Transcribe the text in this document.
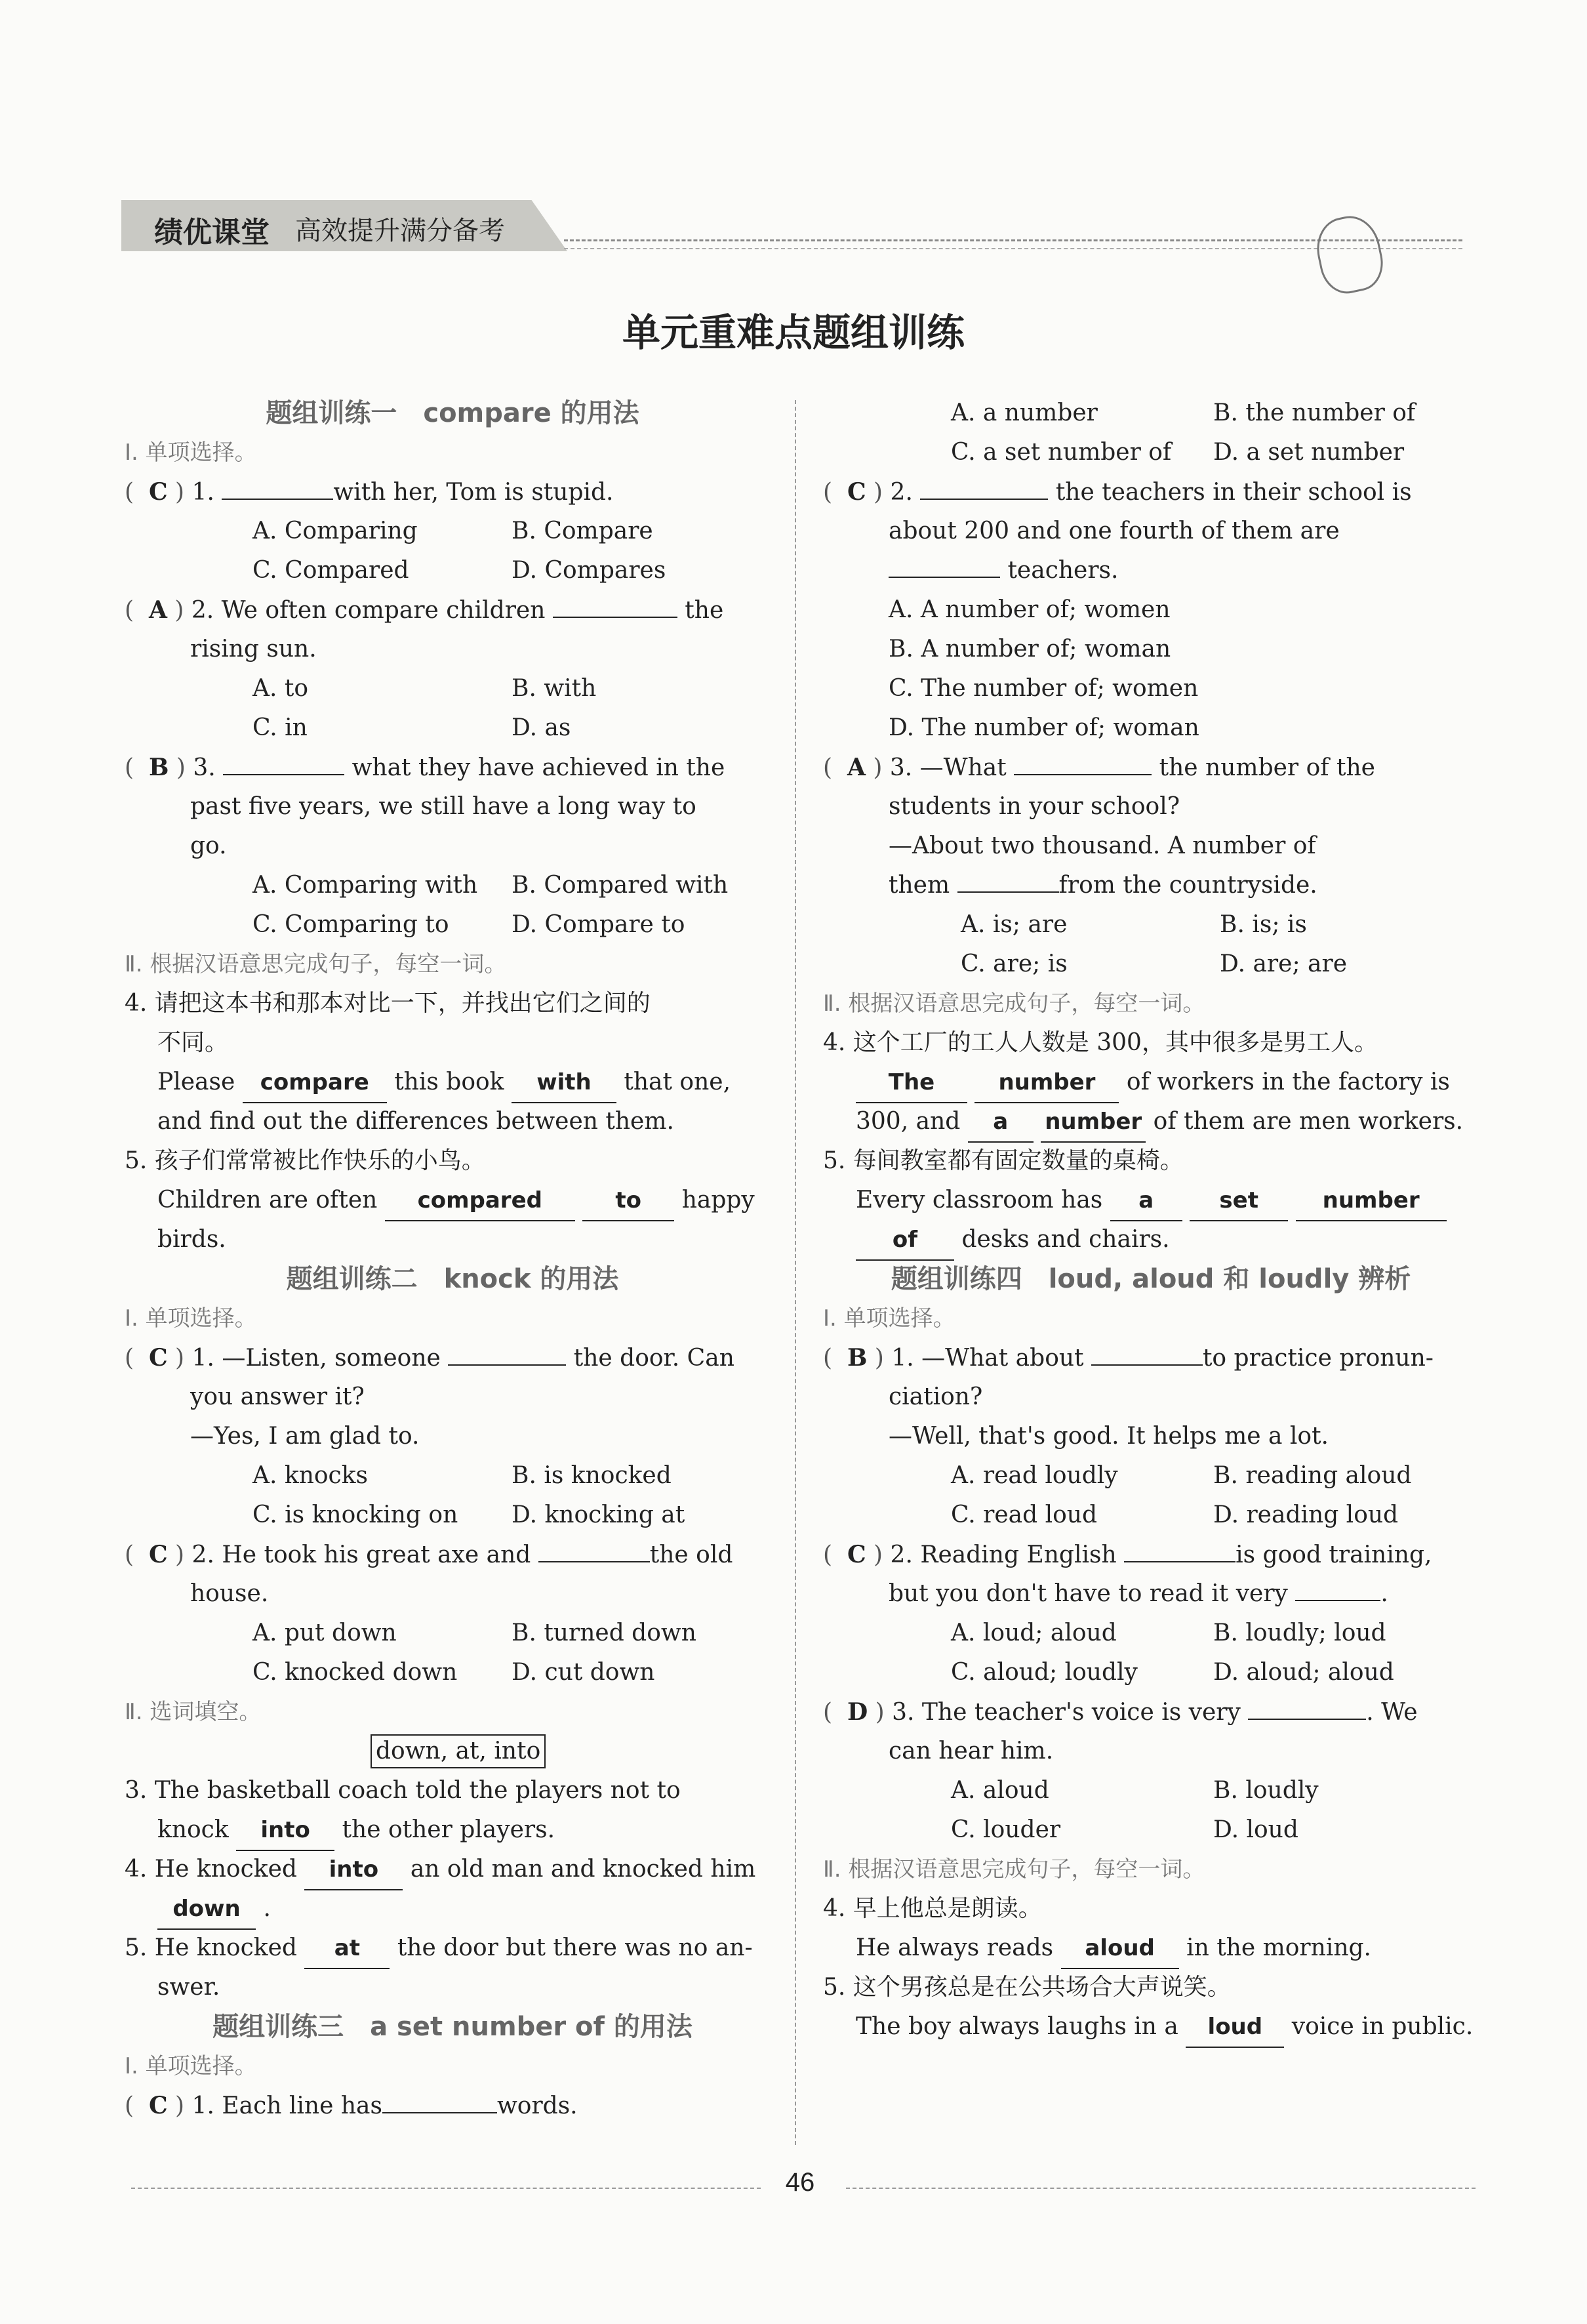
绩优课堂 高效提升满分备考
单元重难点题组训练
题组训练一　compare 的用法
Ⅰ. 单项选择。
( C ) 1.	with her, Tom is stupid.
A. Comparing	B. Compare
C. Compared	D. Compares
( A ) 2. We often compare children	the
rising sun.
A. to	B. with
C. in	D. as
( B ) 3.	what they have achieved in the
past five years, we still have a long way to
go.
A. Comparing with B. Compared with
C. Comparing to	D. Compare to
Ⅱ. 根据汉语意思完成句子，每空一词。
4. 请把这本书和那本对比一下，并找出它们之间的
不同。
Please compare this book with that one,
and find out the differences between them.
5. 孩子们常常被比作快乐的小鸟。
Children are often compared	to happy
birds.
题组训练二　knock 的用法
Ⅰ. 单项选择。
( C ) 1. —Listen, someone	the door. Can
you answer it?
—Yes, I am glad to.
A. knocks	B. is knocked
C. is knocking on D. knocking at
( C ) 2. He took his great axe and	the old
house.
A. put down	B. turned down
C. knocked down D. cut down
Ⅱ. 选词填空。
down, at, into
3. The basketball coach told the players not to
knock into the other players.
4. He knocked into an old man and knocked him
down .
5. He knocked at the door but there was no an-
swer.
题组训练三　a set number of 的用法
Ⅰ. 单项选择。
( C ) 1. Each line has	words.
A. a number	B. the number of
C. a set number of D. a set number
( C ) 2.	the teachers in their school is
about 200 and one fourth of them are
teachers.
A. A number of; women
B. A number of; woman
C. The number of; women
D. The number of; woman
( A ) 3. —What	the number of the
students in your school?
—About two thousand. A number of
them	from the countryside.
A. is; are	B. is; is
C. are; is	D. are; are
Ⅱ. 根据汉语意思完成句子，每空一词。
4. 这个工厂的工人人数是 300，其中很多是男工人。
The	number of workers in the factory is
300, and a number of them are men workers.
5. 每间教室都有固定数量的桌椅。
Every classroom has a	set	number
of desks and chairs.
题组训练四　loud, aloud 和 loudly 辨析
Ⅰ. 单项选择。
( B ) 1. —What about	to practice pronun-
ciation?
—Well, that's good. It helps me a lot.
A. read loudly	B. reading aloud
C. read loud	D. reading loud
( C ) 2. Reading English	is good training,
but you don't have to read it very	.
A. loud; aloud	B. loudly; loud
C. aloud; loudly	D. aloud; aloud
( D ) 3. The teacher's voice is very	. We
can hear him.
A. aloud	B. loudly
C. louder	D. loud
Ⅱ. 根据汉语意思完成句子，每空一词。
4. 早上他总是朗读。
He always reads aloud in the morning.
5. 这个男孩总是在公共场合大声说笑。
The boy always laughs in a loud voice in public.
46
